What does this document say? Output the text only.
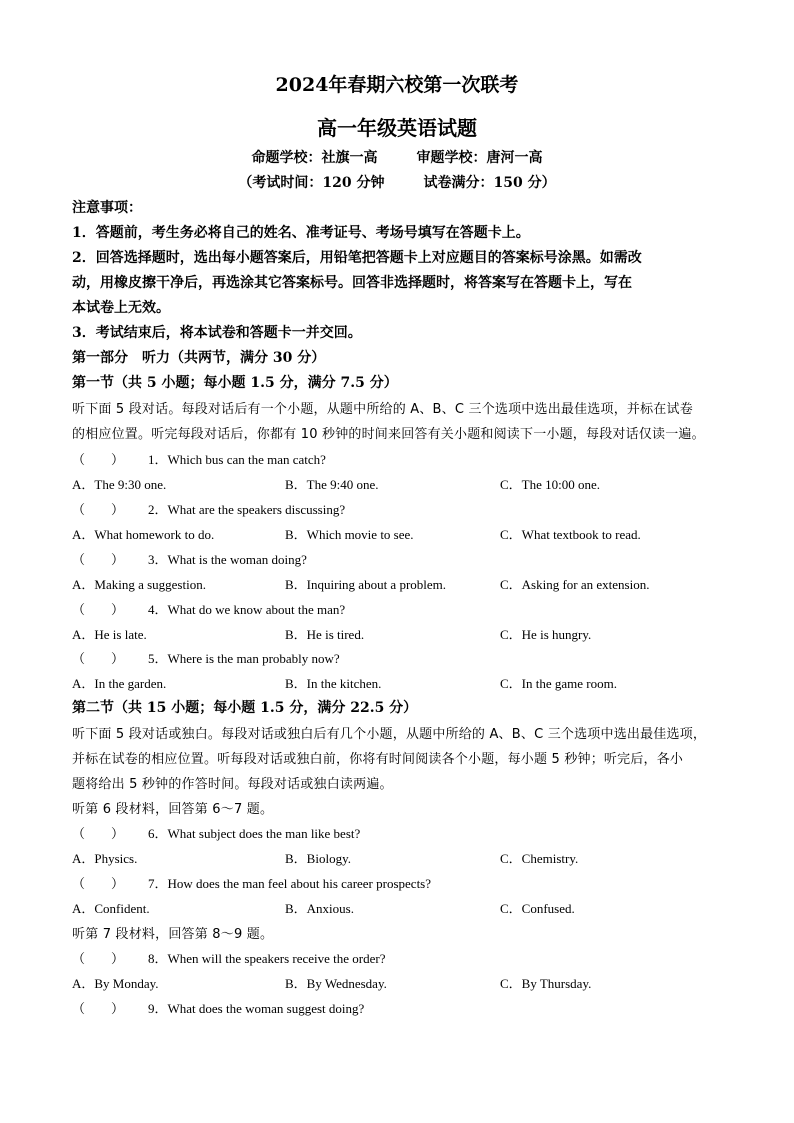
2024年春期六校第一次联考
高一年级英语试题
命题学校：社旗一高        审题学校：唐河一高
（考试时间：120 分钟        试卷满分：150 分）
注意事项：
1．答题前，考生务必将自己的姓名、准考证号、考场号填写在答题卡上。
2．回答选择题时，选出每小题答案后，用铅笔把答题卡上对应题目的答案标号涂黑。如需改
动，用橡皮擦干净后，再选涂其它答案标号。回答非选择题时，将答案写在答题卡上，写在
本试卷上无效。
3．考试结束后，将本试卷和答题卡一并交回。
第一部分　听力（共两节，满分 30 分）
第一节（共 5 小题；每小题 1.5 分，满分 7.5 分）
听下面 5 段对话。每段对话后有一个小题，从题中所给的 A、B、C 三个选项中选出最佳选项，并标在试卷
的相应位置。听完每段对话后，你都有 10 秒钟的时间来回答有关小题和阅读下一小题，每段对话仅读一遍。
（　　） 1．Which bus can the man catch?
A．The 9:30 one.	B．The 9:40 one.	C．The 10:00 one.
（　　） 2．What are the speakers discussing?
A．What homework to do.	B．Which movie to see.	C．What textbook to read.
（　　） 3．What is the woman doing?
A．Making a suggestion.	B．Inquiring about a problem.	C．Asking for an extension.
（　　） 4．What do we know about the man?
A．He is late.	B．He is tired.	C．He is hungry.
（　　） 5．Where is the man probably now?
A．In the garden.	B．In the kitchen.	C．In the game room.
第二节（共 15 小题；每小题 1.5 分，满分 22.5 分）
听下面 5 段对话或独白。每段对话或独白后有几个小题，从题中所给的 A、B、C 三个选项中选出最佳选项，
并标在试卷的相应位置。听每段对话或独白前，你将有时间阅读各个小题，每小题 5 秒钟；听完后，各小
题将给出 5 秒钟的作答时间。每段对话或独白读两遍。
听第 6 段材料，回答第 6～7 题。
（　　） 6．What subject does the man like best?
A．Physics.	B．Biology.	C．Chemistry.
（　　） 7．How does the man feel about his career prospects?
A．Confident.	B．Anxious.	C．Confused.
听第 7 段材料，回答第 8～9 题。
（　　） 8．When will the speakers receive the order?
A．By Monday.	B．By Wednesday.	C．By Thursday.
（　　） 9．What does the woman suggest doing?
